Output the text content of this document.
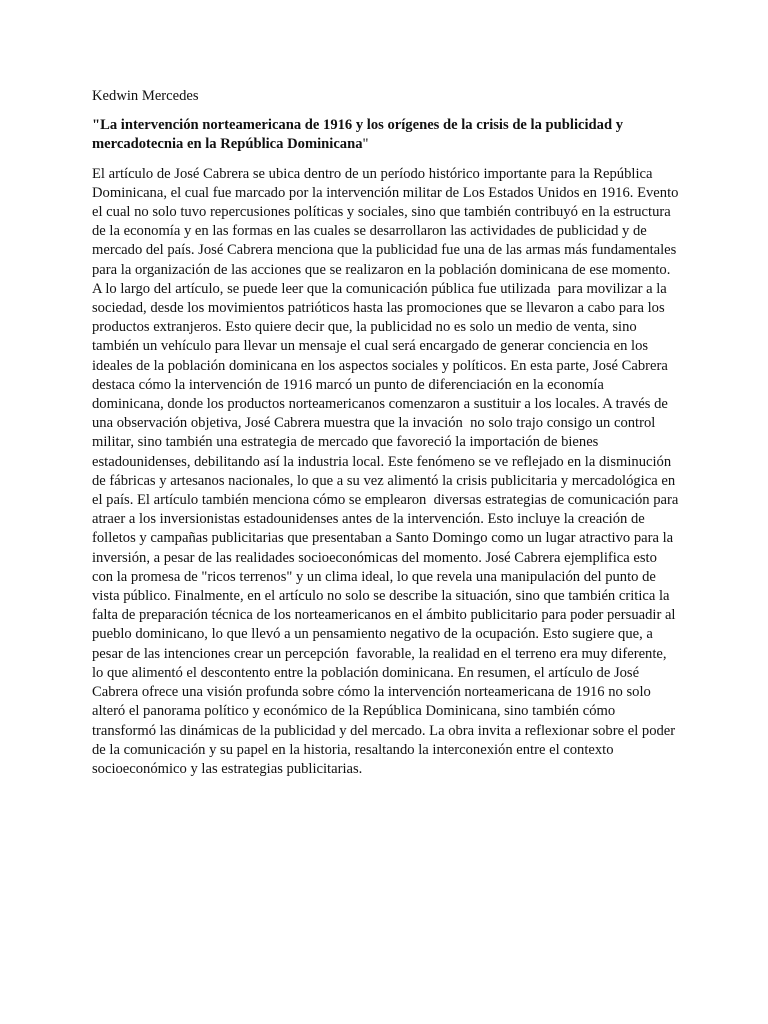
Kedwin Mercedes

"La intervención norteamericana de 1916 y los orígenes de la crisis de la publicidad y mercadotecnia en la República Dominicana"

El artículo de José Cabrera se ubica dentro de un período histórico importante para la República Dominicana, el cual fue marcado por la intervención militar de Los Estados Unidos en 1916. Evento el cual no solo tuvo repercusiones políticas y sociales, sino que también contribuyó en la estructura de la economía y en las formas en las cuales se desarrollaron las actividades de publicidad y de mercado del país. José Cabrera menciona que la publicidad fue una de las armas más fundamentales para la organización de las acciones que se realizaron en la población dominicana de ese momento. A lo largo del artículo, se puede leer que la comunicación pública fue utilizada  para movilizar a la sociedad, desde los movimientos patrióticos hasta las promociones que se llevaron a cabo para los productos extranjeros. Esto quiere decir que, la publicidad no es solo un medio de venta, sino también un vehículo para llevar un mensaje el cual será encargado de generar conciencia en los ideales de la población dominicana en los aspectos sociales y políticos. En esta parte, José Cabrera destaca cómo la intervención de 1916 marcó un punto de diferenciación en la economía dominicana, donde los productos norteamericanos comenzaron a sustituir a los locales. A través de una observación objetiva, José Cabrera muestra que la invación  no solo trajo consigo un control militar, sino también una estrategia de mercado que favoreció la importación de bienes estadounidenses, debilitando así la industria local. Este fenómeno se ve reflejado en la disminución de fábricas y artesanos nacionales, lo que a su vez alimentó la crisis publicitaria y mercadológica en el país. El artículo también menciona cómo se emplearon  diversas estrategias de comunicación para atraer a los inversionistas estadounidenses antes de la intervención. Esto incluye la creación de folletos y campañas publicitarias que presentaban a Santo Domingo como un lugar atractivo para la inversión, a pesar de las realidades socioeconómicas del momento. José Cabrera ejemplifica esto con la promesa de "ricos terrenos" y un clima ideal, lo que revela una manipulación del punto de vista público. Finalmente, en el artículo no solo se describe la situación, sino que también critica la falta de preparación técnica de los norteamericanos en el ámbito publicitario para poder persuadir al pueblo dominicano, lo que llevó a un pensamiento negativo de la ocupación. Esto sugiere que, a pesar de las intenciones crear un percepción  favorable, la realidad en el terreno era muy diferente, lo que alimentó el descontento entre la población dominicana. En resumen, el artículo de José Cabrera ofrece una visión profunda sobre cómo la intervención norteamericana de 1916 no solo alteró el panorama político y económico de la República Dominicana, sino también cómo transformó las dinámicas de la publicidad y del mercado. La obra invita a reflexionar sobre el poder de la comunicación y su papel en la historia, resaltando la interconexión entre el contexto socioeconómico y las estrategias publicitarias.
